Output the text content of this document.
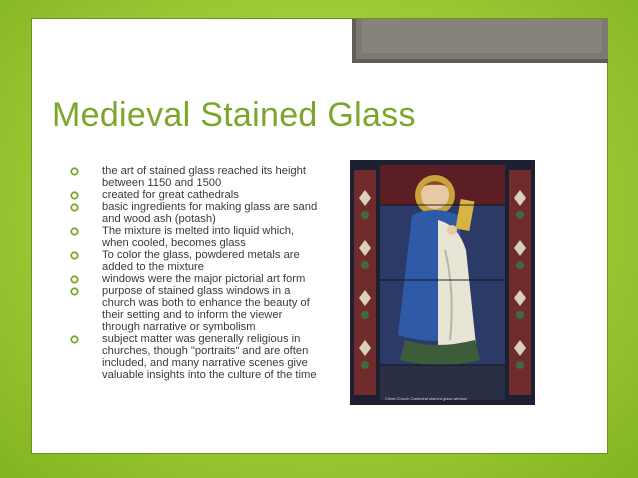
Medieval Stained Glass
the art of stained glass reached its height between 1150 and 1500
created for great cathedrals
basic ingredients for making glass are sand and wood ash (potash)
The mixture is melted into liquid which, when cooled, becomes glass
To color the glass, powdered metals are added to the mixture
windows were the major pictorial art form
purpose of stained glass windows in a church was both to enhance the beauty of their setting and to inform the viewer through narrative or symbolism
subject matter was generally religious in churches, though "portraits" and are often included, and many narrative scenes give valuable insights into the culture of the time
Christ Church Cathedral stained glass window
